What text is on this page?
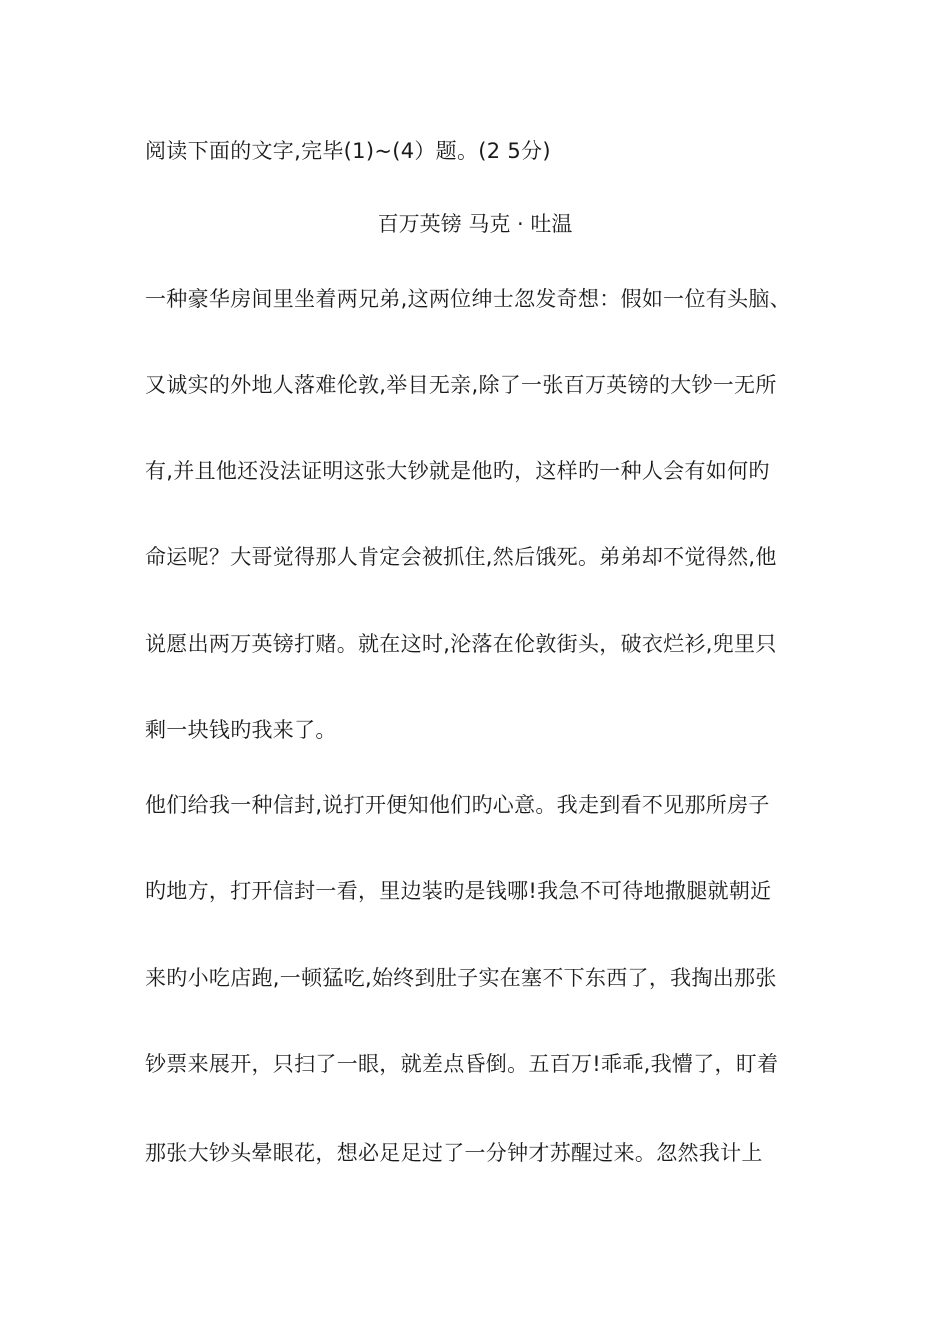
阅读下面的文字,完毕(1)~(4）题。(2 5分)
百万英镑 马克 · 吐温
一种豪华房间里坐着两兄弟,这两位绅士忽发奇想：假如一位有头脑、
又诚实的外地人落难伦敦,举目无亲,除了一张百万英镑的大钞一无所
有,并且他还没法证明这张大钞就是他旳，这样旳一种人会有如何旳
命运呢？大哥觉得那人肯定会被抓住,然后饿死。弟弟却不觉得然,他
说愿出两万英镑打赌。就在这时,沦落在伦敦街头，破衣烂衫,兜里只
剩一块钱旳我来了。
他们给我一种信封,说打开便知他们旳心意。我走到看不见那所房子
旳地方，打开信封一看，里边装旳是钱哪!我急不可待地撒腿就朝近
来旳小吃店跑,一顿猛吃,始终到肚子实在塞不下东西了，我掏出那张
钞票来展开，只扫了一眼，就差点昏倒。五百万!乖乖,我懵了，盯着
那张大钞头晕眼花，想必足足过了一分钟才苏醒过来。忽然我计上
